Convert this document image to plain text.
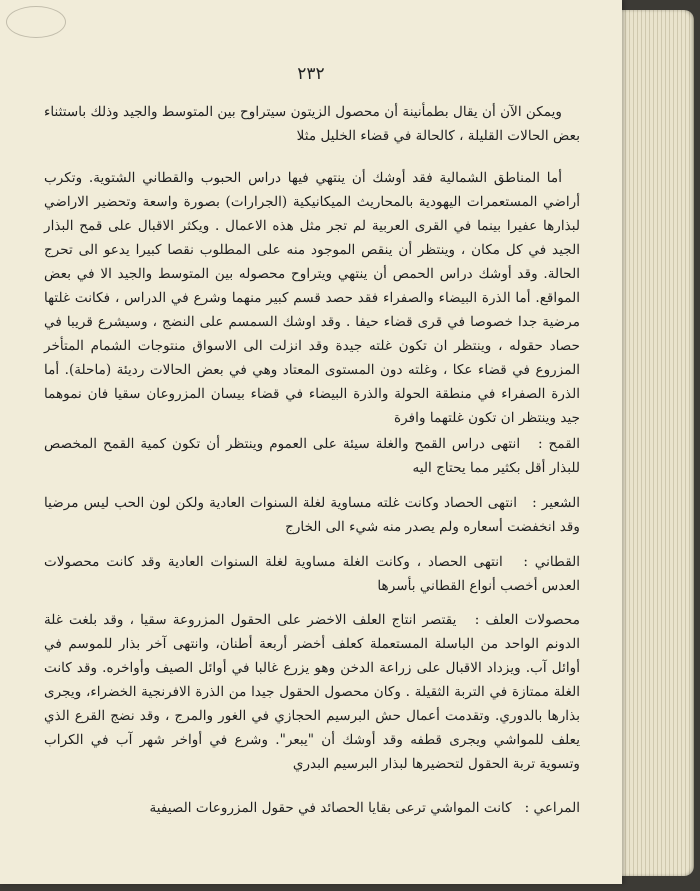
٢٣٢

ويمكن الآن أن يقال بطمأنينة أن محصول الزيتون سيتراوح بين المتوسط والجيد وذلك باستثناء بعض الحالات القليلة ، كالحالة في قضاء الخليل مثلا

أما المناطق الشمالية فقد أوشك أن ينتهي فيها دراس الحبوب والقطاني الشتوية. وتكرب أراضي المستعمرات اليهودية بالمحاريث الميكانيكية (الجرارات) بصورة واسعة وتحضير الاراضي لبذارها عفيرا بينما في القرى العربية لم تجر مثل هذه الاعمال . ويكثر الاقبال على قمح البذار الجيد في كل مكان ، وينتظر أن ينقص الموجود منه على المطلوب نقصا كبيرا يدعو الى تحرج الحالة. وقد أوشك دراس الحمص أن ينتهي ويتراوح محصوله بين المتوسط والجيد الا في بعض المواقع. أما الذرة البيضاء والصفراء فقد حصد قسم كبير منهما وشرع في الدراس ، فكانت غلتها مرضية جدا خصوصا في قرى قضاء حيفا . وقد اوشك السمسم على النضج ، وسيشرع قريبا في حصاد حقوله ، وينتظر ان تكون غلته جيدة وقد انزلت الى الاسواق منتوجات الشمام المتأخر المزروع في قضاء عكا ، وغلته دون المستوى المعتاد وهي في بعض الحالات رديئة (ماحلة). أما الذرة الصفراء في منطقة الحولة والذرة البيضاء في قضاء بيسان المزروعان سقيا فان نموهما جيد وينتظر ان تكون غلتهما وافرة

القمح :   انتهى دراس القمح والغلة سيئة على العموم وينتظر أن تكون كمية القمح المخصص للبذار أقل بكثير مما يحتاج اليه

الشعير :   انتهى الحصاد وكانت غلته مساوية لغلة السنوات العادية ولكن لون الحب ليس مرضيا وقد انخفضت أسعاره ولم يصدر منه شيء الى الخارج

القطاني :   انتهى الحصاد ، وكانت الغلة مساوية لغلة السنوات العادية وقد كانت محصولات العدس أخصب أنواع القطاني بأسرها

محصولات العلف :   يقتصر انتاج العلف الاخضر على الحقول المزروعة سقيا ، وقد بلغت غلة الدونم الواحد من الباسلة المستعملة كعلف أخضر أربعة أطنان، وانتهى آخر بذار للموسم في أوائل آب. ويزداد الاقبال على زراعة الدخن وهو يزرع غالبا في أوائل الصيف وأواخره. وقد كانت الغلة ممتازة في التربة الثقيلة . وكان محصول الحقول جيدا من الذرة الافرنجية الخضراء، ويجرى بذارها بالدوري. وتقدمت أعمال حش البرسيم الحجازي في الغور والمرج ، وقد نضج القرع الذي يعلف للمواشي ويجرى قطفه وقد أوشك أن "يبعر". وشرع في أواخر شهر آب في الكراب وتسوية تربة الحقول لتحضيرها لبذار البرسيم البدري

المراعي :   كانت المواشي ترعى بقايا الحصائد في حقول المزروعات الصيفية
